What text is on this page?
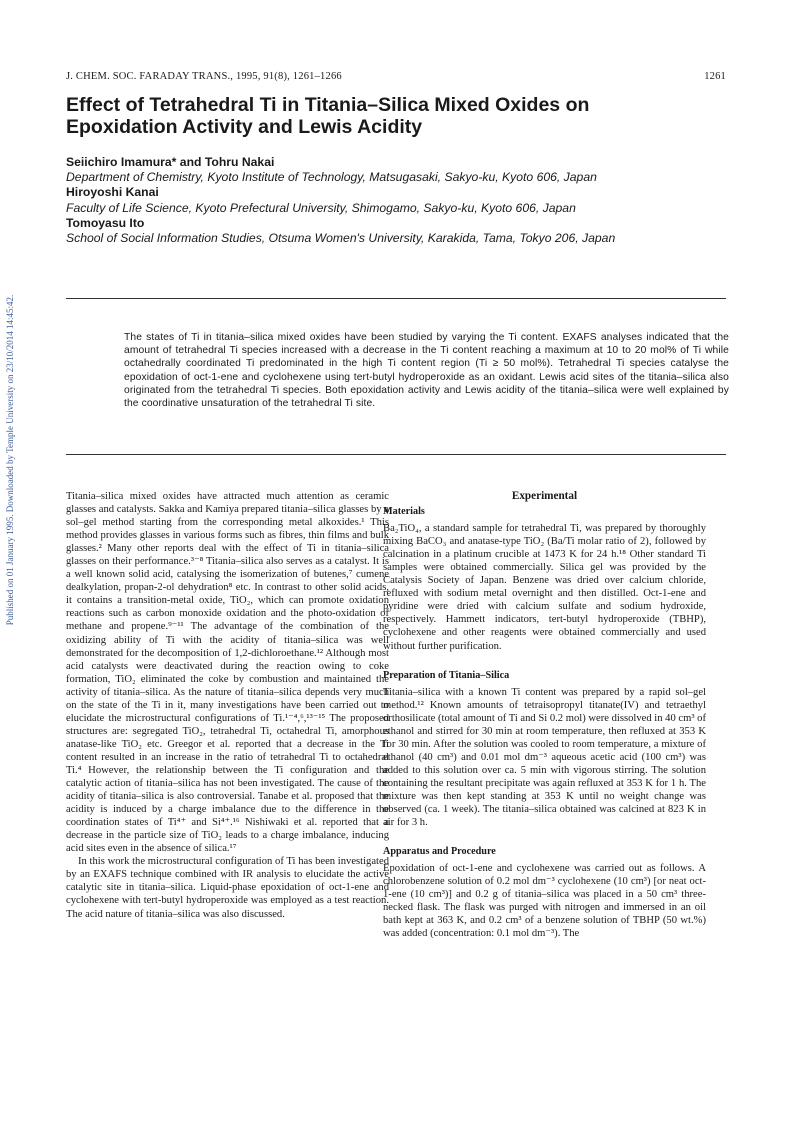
Published on 01 January 1995. Downloaded by Temple University on 23/10/2014 14:45:42.
J. CHEM. SOC. FARADAY TRANS., 1995, 91(8), 1261–1266	1261
Effect of Tetrahedral Ti in Titania–Silica Mixed Oxides on Epoxidation Activity and Lewis Acidity
Seiichiro Imamura* and Tohru Nakai
Department of Chemistry, Kyoto Institute of Technology, Matsugasaki, Sakyo-ku, Kyoto 606, Japan
Hiroyoshi Kanai
Faculty of Life Science, Kyoto Prefectural University, Shimogamo, Sakyo-ku, Kyoto 606, Japan
Tomoyasu Ito
School of Social Information Studies, Otsuma Women's University, Karakida, Tama, Tokyo 206, Japan

The states of Ti in titania–silica mixed oxides have been studied by varying the Ti content. EXAFS analyses indicated that the amount of tetrahedral Ti species increased with a decrease in the Ti content reaching a maximum at 10 to 20 mol% of Ti while octahedrally coordinated Ti predominated in the high Ti content region (Ti ≥ 50 mol%). Tetrahedral Ti species catalyse the epoxidation of oct-1-ene and cyclohexene using tert-butyl hydroperoxide as an oxidant. Lewis acid sites of the titania–silica also originated from the tetrahedral Ti species. Both epoxidation activity and Lewis acidity of the titania–silica were well explained by the coordinative unsaturation of the tetrahedral Ti site.

Titania–silica mixed oxides have attracted much attention as ceramic glasses and catalysts. Sakka and Kamiya prepared titania–silica glasses by a sol–gel method starting from the corresponding metal alkoxides.¹ This method provides glasses in various forms such as fibres, thin films and bulk glasses.² Many other reports deal with the effect of Ti in titania–silica glasses on their performance.³⁻⁸ Titania–silica also serves as a catalyst. It is a well known solid acid, catalysing the isomerization of butenes,⁷ cumene dealkylation, propan-2-ol dehydration⁸ etc. In contrast to other solid acids, it contains a transition-metal oxide, TiO₂, which can promote oxidation reactions such as carbon monoxide oxidation and the photo-oxidation of methane and propene.⁹⁻¹¹ The advantage of the combination of the oxidizing ability of Ti with the acidity of titania–silica was well demonstrated for the decomposition of 1,2-dichloroethane.¹² Although most acid catalysts were deactivated during the reaction owing to coke formation, TiO₂ eliminated the coke by combustion and maintained the activity of titania–silica. As the nature of titania–silica depends very much on the state of the Ti in it, many investigations have been carried out to elucidate the microstructural configurations of Ti.¹⁻⁴,⁶,¹³⁻¹⁵ The proposed structures are: segregated TiO₂, tetrahedral Ti, octahedral Ti, amorphous anatase-like TiO₂ etc. Greegor et al. reported that a decrease in the Ti content resulted in an increase in the ratio of tetrahedral Ti to octahedral Ti.⁴ However, the relationship between the Ti configuration and the catalytic action of titania–silica has not been investigated. The cause of the acidity of titania–silica is also controversial. Tanabe et al. proposed that the acidity is induced by a charge imbalance due to the difference in the coordination states of Ti⁴⁺ and Si⁴⁺.¹⁶ Nishiwaki et al. reported that a decrease in the particle size of TiO₂ leads to a charge imbalance, inducing acid sites even in the absence of silica.¹⁷

In this work the microstructural configuration of Ti has been investigated by an EXAFS technique combined with IR analysis to elucidate the active catalytic site in titania–silica. Liquid-phase epoxidation of oct-1-ene and cyclohexene with tert-butyl hydroperoxide was employed as a test reaction. The acid nature of titania–silica was also discussed.

Experimental
Materials

Ba₂TiO₄, a standard sample for tetrahedral Ti, was prepared by thoroughly mixing BaCO₃ and anatase-type TiO₂ (Ba/Ti molar ratio of 2), followed by calcination in a platinum crucible at 1473 K for 24 h.¹⁸ Other standard Ti samples were obtained commercially. Silica gel was provided by the Catalysis Society of Japan. Benzene was dried over calcium chloride, refluxed with sodium metal overnight and then distilled. Oct-1-ene and pyridine were dried with calcium sulfate and sodium hydroxide, respectively. Hammett indicators, tert-butyl hydroperoxide (TBHP), cyclohexene and other reagents were obtained commercially and used without further purification.

Preparation of Titania–Silica

Titania–silica with a known Ti content was prepared by a rapid sol–gel method.¹² Known amounts of tetraisopropyl titanate(IV) and tetraethyl orthosilicate (total amount of Ti and Si 0.2 mol) were dissolved in 40 cm³ of ethanol and stirred for 30 min at room temperature, then refluxed at 353 K for 30 min. After the solution was cooled to room temperature, a mixture of ethanol (40 cm³) and 0.01 mol dm⁻³ aqueous acetic acid (100 cm³) was added to this solution over ca. 5 min with vigorous stirring. The solution containing the resultant precipitate was again refluxed at 353 K for 1 h. The mixture was then kept standing at 353 K until no weight change was observed (ca. 1 week). The titania–silica obtained was calcined at 823 K in air for 3 h.

Apparatus and Procedure

Epoxidation of oct-1-ene and cyclohexene was carried out as follows. A chlorobenzene solution of 0.2 mol dm⁻³ cyclohexene (10 cm³) [or neat oct-1-ene (10 cm³)] and 0.2 g of titania–silica was placed in a 50 cm³ three-necked flask. The flask was purged with nitrogen and immersed in an oil bath kept at 363 K, and 0.2 cm³ of a benzene solution of TBHP (50 wt.%) was added (concentration: 0.1 mol dm⁻³). The
